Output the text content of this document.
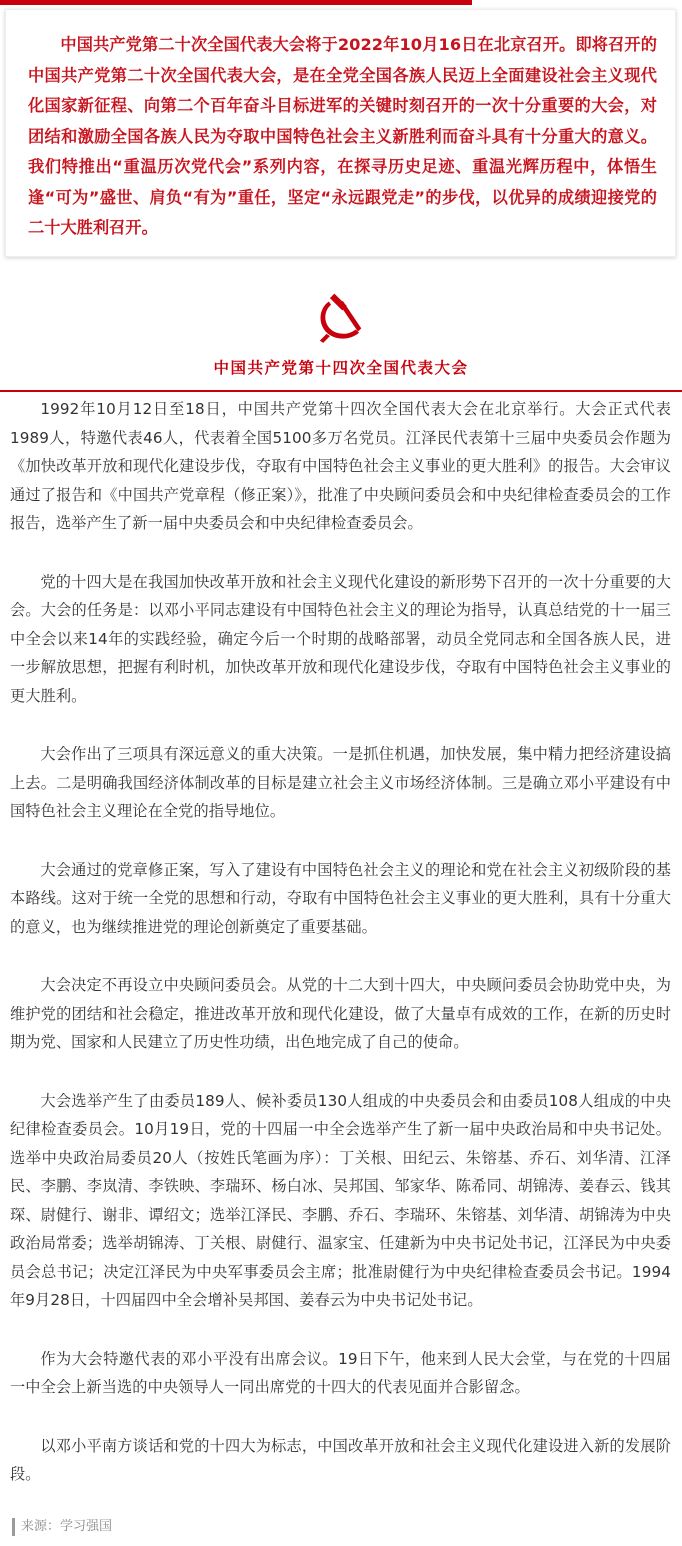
中国共产党第二十次全国代表大会将于2022年10月16日在北京召开。即将召开的中国共产党第二十次全国代表大会，是在全党全国各族人民迈上全面建设社会主义现代化国家新征程、向第二个百年奋斗目标进军的关键时刻召开的一次十分重要的大会，对团结和激励全国各族人民为夺取中国特色社会主义新胜利而奋斗具有十分重大的意义。我们特推出“重温历次党代会”系列内容，在探寻历史足迹、重温光辉历程中，体悟生逢“可为”盛世、肩负“有为”重任，坚定“永远跟党走”的步伐，以优异的成绩迎接党的二十大胜利召开。

中国共产党第十四次全国代表大会

1992年10月12日至18日，中国共产党第十四次全国代表大会在北京举行。大会正式代表1989人，特邀代表46人，代表着全国5100多万名党员。江泽民代表第十三届中央委员会作题为《加快改革开放和现代化建设步伐，夺取有中国特色社会主义事业的更大胜利》的报告。大会审议通过了报告和《中国共产党章程（修正案）》，批准了中央顾问委员会和中央纪律检查委员会的工作报告，选举产生了新一届中央委员会和中央纪律检查委员会。

党的十四大是在我国加快改革开放和社会主义现代化建设的新形势下召开的一次十分重要的大会。大会的任务是：以邓小平同志建设有中国特色社会主义的理论为指导，认真总结党的十一届三中全会以来14年的实践经验，确定今后一个时期的战略部署，动员全党同志和全国各族人民，进一步解放思想，把握有利时机，加快改革开放和现代化建设步伐，夺取有中国特色社会主义事业的更大胜利。

大会作出了三项具有深远意义的重大决策。一是抓住机遇，加快发展，集中精力把经济建设搞上去。二是明确我国经济体制改革的目标是建立社会主义市场经济体制。三是确立邓小平建设有中国特色社会主义理论在全党的指导地位。

大会通过的党章修正案，写入了建设有中国特色社会主义的理论和党在社会主义初级阶段的基本路线。这对于统一全党的思想和行动，夺取有中国特色社会主义事业的更大胜利，具有十分重大的意义，也为继续推进党的理论创新奠定了重要基础。

大会决定不再设立中央顾问委员会。从党的十二大到十四大，中央顾问委员会协助党中央，为维护党的团结和社会稳定，推进改革开放和现代化建设，做了大量卓有成效的工作，在新的历史时期为党、国家和人民建立了历史性功绩，出色地完成了自己的使命。

大会选举产生了由委员189人、候补委员130人组成的中央委员会和由委员108人组成的中央纪律检查委员会。10月19日，党的十四届一中全会选举产生了新一届中央政治局和中央书记处。选举中央政治局委员20人（按姓氏笔画为序）：丁关根、田纪云、朱镕基、乔石、刘华清、江泽民、李鹏、李岚清、李铁映、李瑞环、杨白冰、吴邦国、邹家华、陈希同、胡锦涛、姜春云、钱其琛、尉健行、谢非、谭绍文；选举江泽民、李鹏、乔石、李瑞环、朱镕基、刘华清、胡锦涛为中央政治局常委；选举胡锦涛、丁关根、尉健行、温家宝、任建新为中央书记处书记，江泽民为中央委员会总书记；决定江泽民为中央军事委员会主席；批准尉健行为中央纪律检查委员会书记。1994年9月28日，十四届四中全会增补吴邦国、姜春云为中央书记处书记。

作为大会特邀代表的邓小平没有出席会议。19日下午，他来到人民大会堂，与在党的十四届一中全会上新当选的中央领导人一同出席党的十四大的代表见面并合影留念。

以邓小平南方谈话和党的十四大为标志，中国改革开放和社会主义现代化建设进入新的发展阶段。

来源：学习强国
